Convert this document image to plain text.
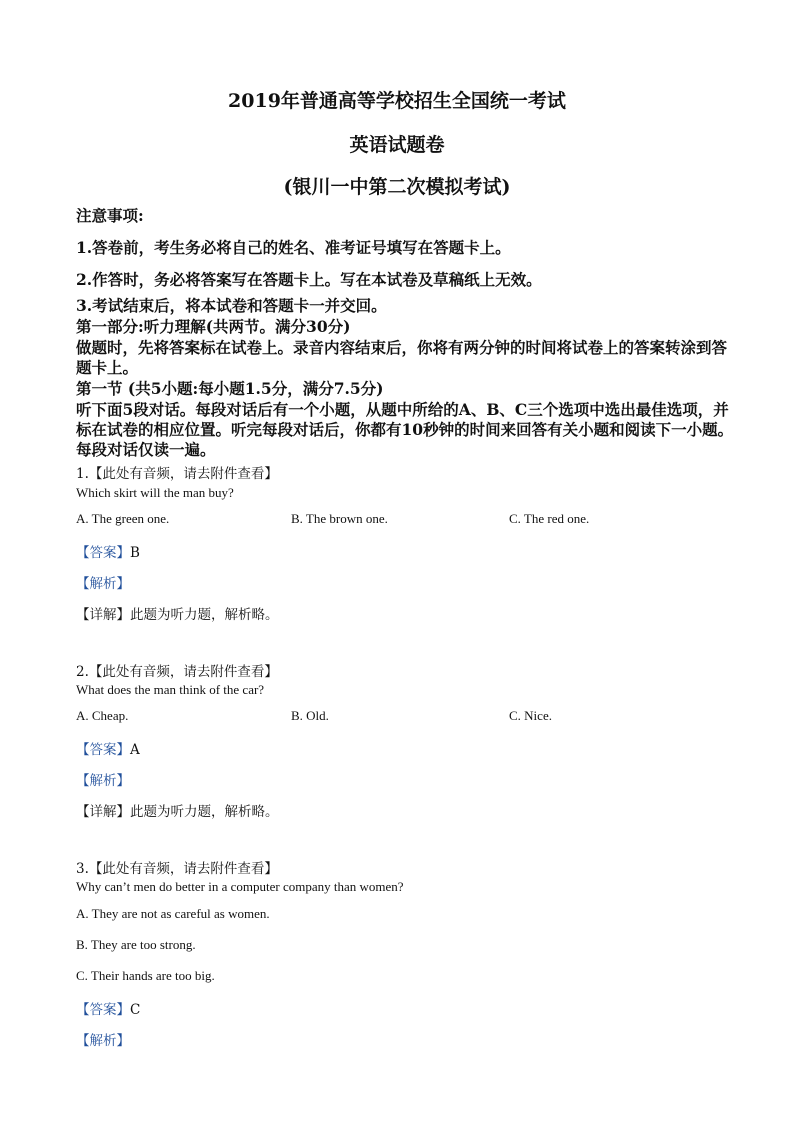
2019年普通高等学校招生全国统一考试

英语试题卷

(银川一中第二次模拟考试)

注意事项:

1.答卷前，考生务必将自己的姓名、准考证号填写在答题卡上。

2.作答时，务必将答案写在答题卡上。写在本试卷及草稿纸上无效。

3.考试结束后，将本试卷和答题卡一并交回。

第一部分:听力理解(共两节。满分30分)

做题时，先将答案标在试卷上。录音内容结束后，你将有两分钟的时间将试卷上的答案转涂到答题卡上。

第一节 (共5小题:每小题1.5分，满分7.5分)

听下面5段对话。每段对话后有一个小题，从题中所给的A、B、C三个选项中选出最佳选项，并标在试卷的相应位置。听完每段对话后，你都有10秒钟的时间来回答有关小题和阅读下一小题。每段对话仅读一遍。

1.【此处有音频，请去附件查看】

Which skirt will the man buy?

A. The green one.	B. The brown one.	C. The red one.

【答案】B

【解析】

【详解】此题为听力题，解析略。

2.【此处有音频，请去附件查看】

What does the man think of the car?

A. Cheap.	B. Old.	C. Nice.

【答案】A

【解析】

【详解】此题为听力题，解析略。

3.【此处有音频，请去附件查看】

Why can’t men do better in a computer company than women?

A. They are not as careful as women.

B. They are too strong.

C. Their hands are too big.

【答案】C

【解析】
